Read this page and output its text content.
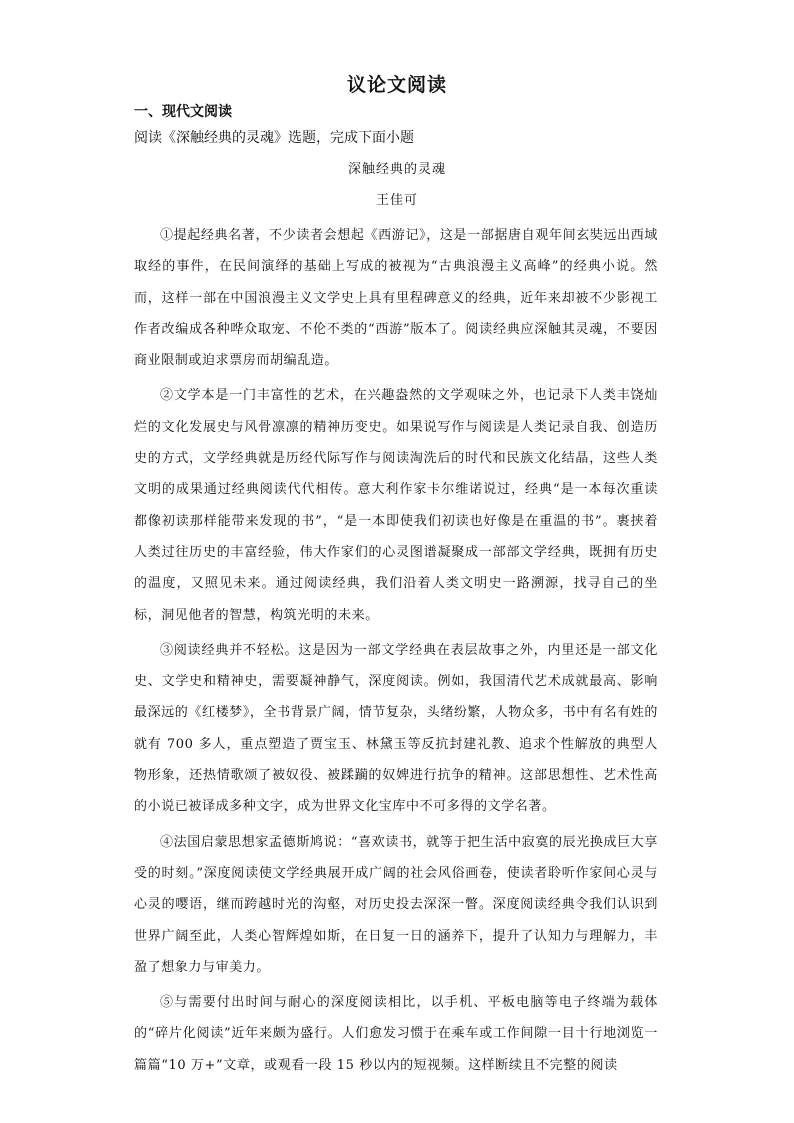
议论文阅读
一、现代文阅读
阅读《深触经典的灵魂》选题，完成下面小题
深触经典的灵魂
王佳可

①提起经典名著，不少读者会想起《西游记》，这是一部据唐自观年间玄奘远出西域取经的事件，在民间演绎的基础上写成的被视为“古典浪漫主义高峰”的经典小说。然而，这样一部在中国浪漫主义文学史上具有里程碑意义的经典，近年来却被不少影视工作者改编成各种哗众取宠、不伦不类的“西游”版本了。阅读经典应深触其灵魂，不要因商业限制或迫求票房而胡编乱造。

②文学本是一门丰富性的艺术，在兴趣盎然的文学观味之外，也记录下人类丰饶灿烂的文化发展史与风骨凛凛的精神历变史。如果说写作与阅读是人类记录自我、创造历史的方式，文学经典就是历经代际写作与阅读淘洗后的时代和民族文化结晶，这些人类文明的成果通过经典阅读代代相传。意大利作家卡尔维诺说过，经典“是一本每次重读都像初读那样能带来发现的书”，“是一本即使我们初读也好像是在重温的书”。裹挟着人类过往历史的丰富经验，伟大作家们的心灵图谱凝聚成一部部文学经典，既拥有历史的温度，又照见未来。通过阅读经典，我们沿着人类文明史一路溯源，找寻自己的坐标，洞见他者的智慧，构筑光明的未来。

③阅读经典并不轻松。这是因为一部文学经典在表层故事之外，内里还是一部文化史、文学史和精神史，需要凝神静气，深度阅读。例如，我国清代艺术成就最高、影响最深远的《红楼梦》，全书背景广阔，情节复杂，头绪纷繁，人物众多，书中有名有姓的就有 700 多人，重点塑造了贾宝玉、林黛玉等反抗封建礼教、追求个性解放的典型人物形象，还热情歌颂了被奴役、被蹂躏的奴婢进行抗争的精神。这部思想性、艺术性高的小说已被译成多种文字，成为世界文化宝库中不可多得的文学名著。

④法国启蒙思想家孟德斯鸠说：“喜欢读书，就等于把生活中寂寞的辰光换成巨大享受的时刻。”深度阅读使文学经典展开成广阔的社会风俗画卷，使读者聆听作家间心灵与心灵的嘤语，继而跨越时光的沟壑，对历史投去深深一瞥。深度阅读经典令我们认识到世界广阔至此，人类心智辉煌如斯，在日复一日的涵养下，提升了认知力与理解力，丰盈了想象力与审美力。

⑤与需要付出时间与耐心的深度阅读相比，以手机、平板电脑等电子终端为载体的“碎片化阅读”近年来颇为盛行。人们愈发习惯于在乘车或工作间隙一目十行地浏览一篇篇“10 万+”文章，或观看一段 15 秒以内的短视频。这样断续且不完整的阅读
